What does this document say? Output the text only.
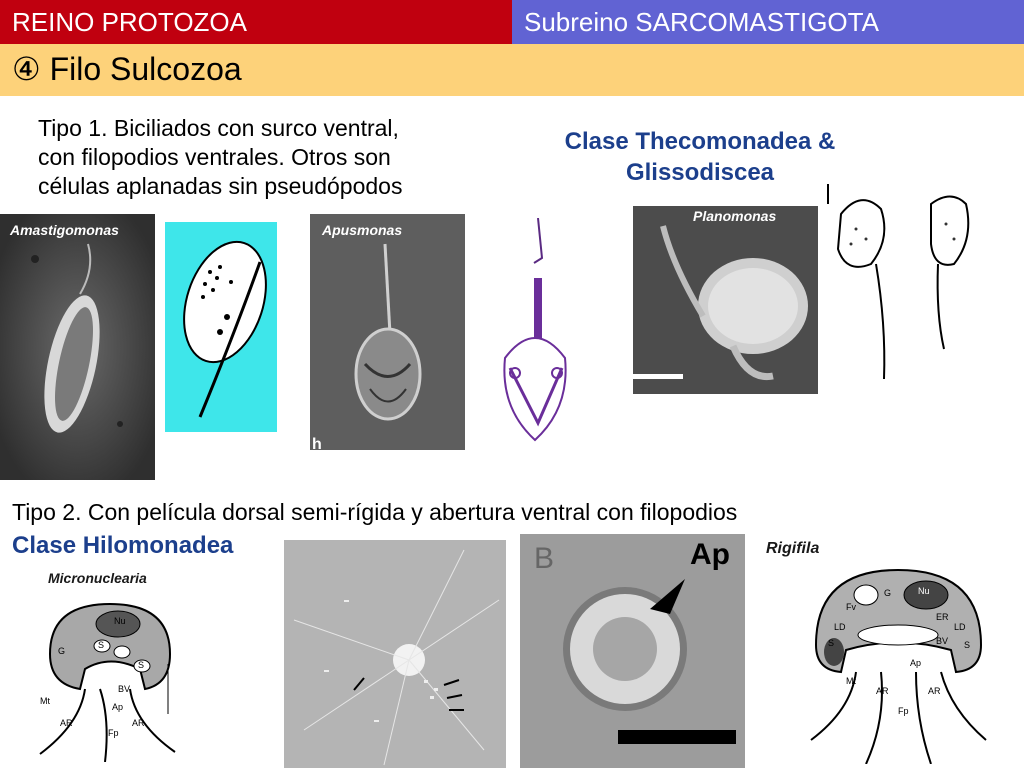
REINO PROTOZOA	Subreino SARCOMASTIGOTA
④ Filo Sulcozoa
Tipo 1. Biciliados con surco ventral,
con filopodios ventrales. Otros son
células aplanadas sin pseudópodos
Clase Thecomonadea &
Glissodiscea
Amastigomonas	Apusmonas
h
Planomonas
Tipo 2. Con película dorsal semi-rígida y abertura ventral con filopodios
Clase Hilomonadea
Micronuclearia
Nu
G
S
S
Mt
BV
Ap
AR	AR
Fp
B	Ap Rigifila
G	Nu
Fv
ER
LD	LD
S	BV S
Ap
Mt
AR	AR
Fp
